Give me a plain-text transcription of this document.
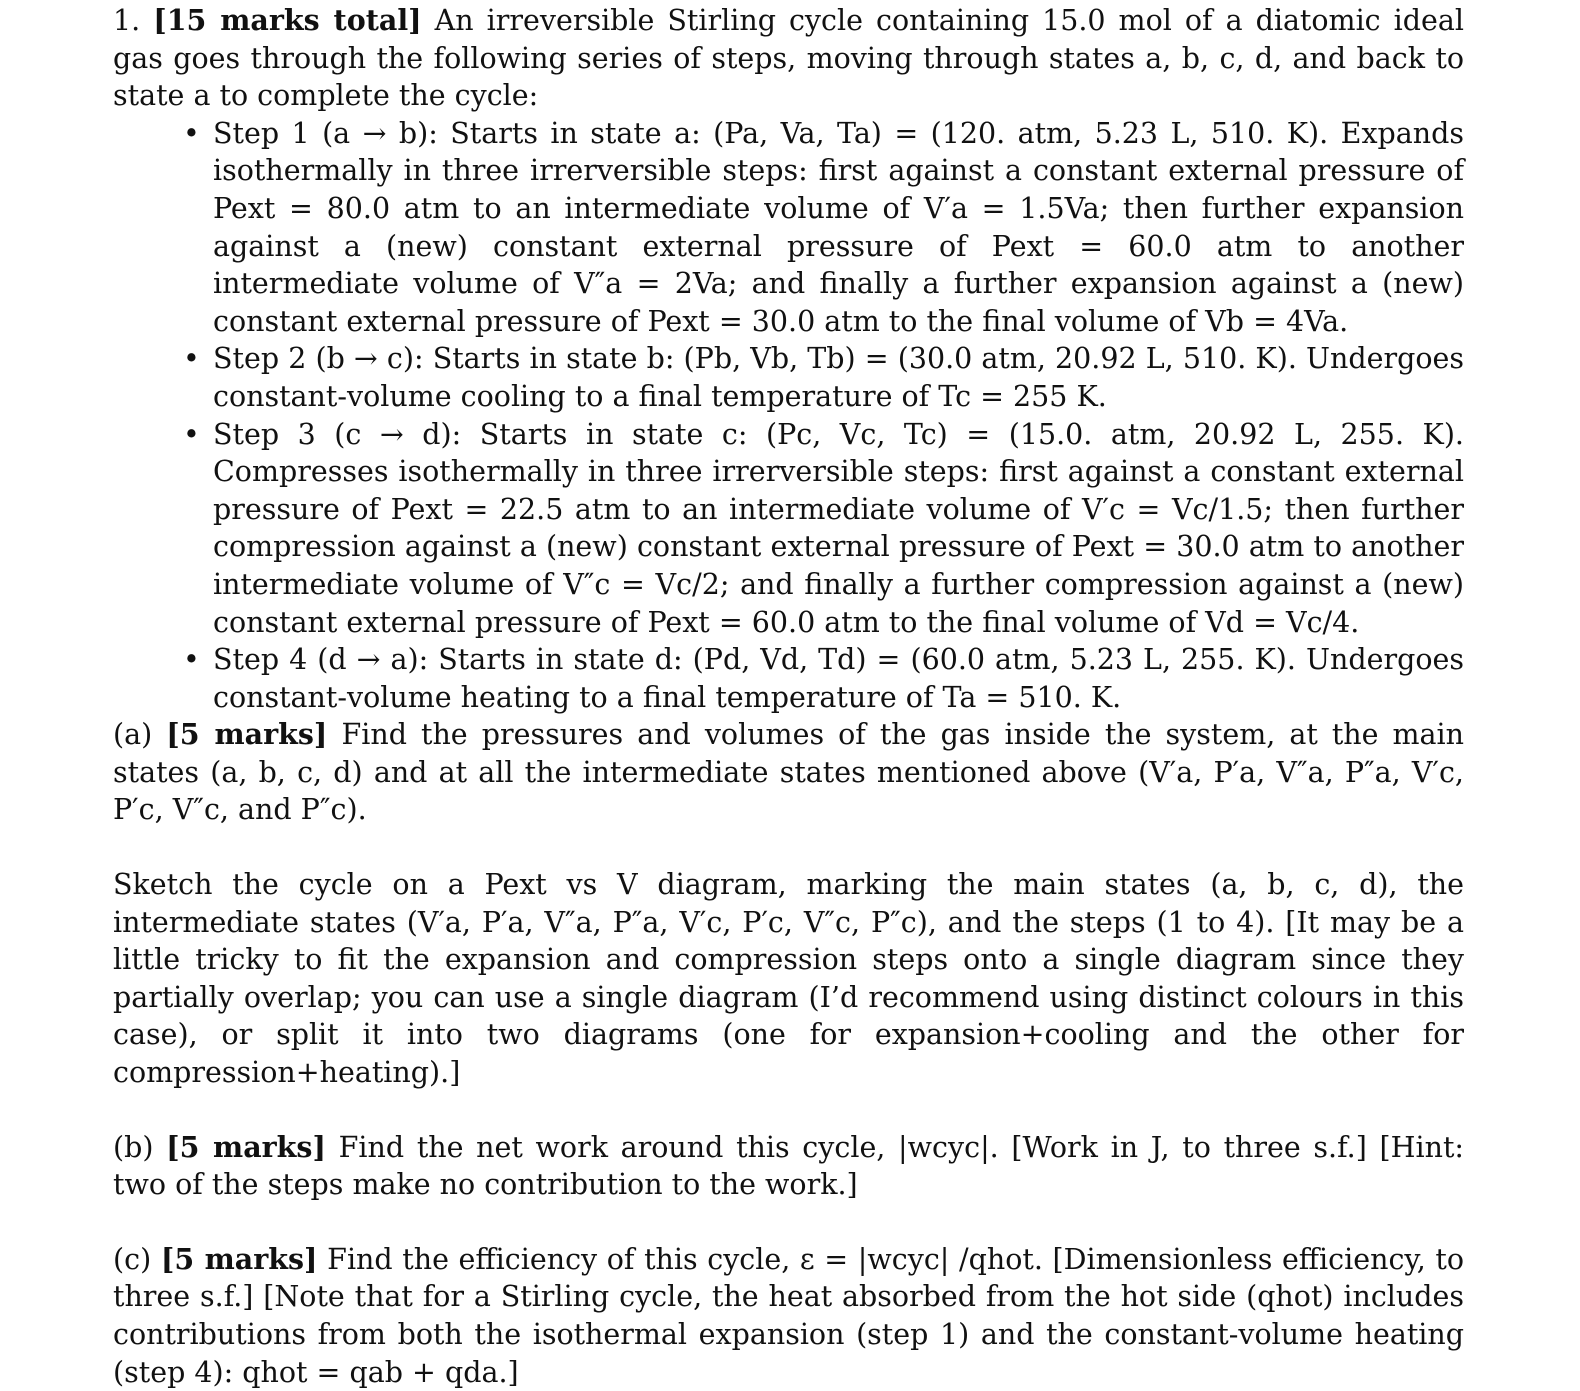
1. [15 marks total] An irreversible Stirling cycle containing 15.0 mol of a diatomic ideal gas goes through the following series of steps, moving through states a, b, c, d, and back to state a to complete the cycle:

• Step 1 (a → b): Starts in state a: (Pa, Va, Ta) = (120. atm, 5.23 L, 510. K). Expands isothermally in three irrerversible steps: first against a constant external pressure of Pext = 80.0 atm to an intermediate volume of V′a = 1.5Va; then further expansion against a (new) constant external pressure of Pext = 60.0 atm to another intermediate volume of V″a = 2Va; and finally a further expansion against a (new) constant external pressure of Pext = 30.0 atm to the final volume of Vb = 4Va.
• Step 2 (b → c): Starts in state b: (Pb, Vb, Tb) = (30.0 atm, 20.92 L, 510. K). Undergoes constant-volume cooling to a final temperature of Tc = 255 K.
• Step 3 (c → d): Starts in state c: (Pc, Vc, Tc) = (15.0. atm, 20.92 L, 255. K). Compresses isothermally in three irrerversible steps: first against a constant external pressure of Pext = 22.5 atm to an intermediate volume of V′c = Vc/1.5; then further compression against a (new) constant external pressure of Pext = 30.0 atm to another intermediate volume of V″c = Vc/2; and finally a further compression against a (new) constant external pressure of Pext = 60.0 atm to the final volume of Vd = Vc/4.
• Step 4 (d → a): Starts in state d: (Pd, Vd, Td) = (60.0 atm, 5.23 L, 255. K). Undergoes constant-volume heating to a final temperature of Ta = 510. K.

(a) [5 marks] Find the pressures and volumes of the gas inside the system, at the main states (a, b, c, d) and at all the intermediate states mentioned above (V′a, P′a, V″a, P″a, V′c, P′c, V″c, and P″c).

Sketch the cycle on a Pext vs V diagram, marking the main states (a, b, c, d), the intermediate states (V′a, P′a, V″a, P″a, V′c, P′c, V″c, P″c), and the steps (1 to 4). [It may be a little tricky to fit the expansion and compression steps onto a single diagram since they partially overlap; you can use a single diagram (I’d recommend using distinct colours in this case), or split it into two diagrams (one for expansion+cooling and the other for compression+heating).]

(b) [5 marks] Find the net work around this cycle, |wcyc|. [Work in J, to three s.f.] [Hint: two of the steps make no contribution to the work.]

(c) [5 marks] Find the efficiency of this cycle, ε = |wcyc| /qhot. [Dimensionless efficiency, to three s.f.] [Note that for a Stirling cycle, the heat absorbed from the hot side (qhot) includes contributions from both the isothermal expansion (step 1) and the constant-volume heating (step 4): qhot = qab + qda.]
